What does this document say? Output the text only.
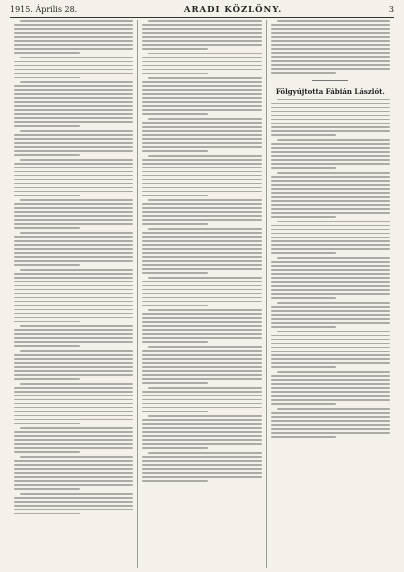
1915. Április 28.	ARADI KÖZLÖNY.	3
Fölgyújtotta Fábián Lászlót.
